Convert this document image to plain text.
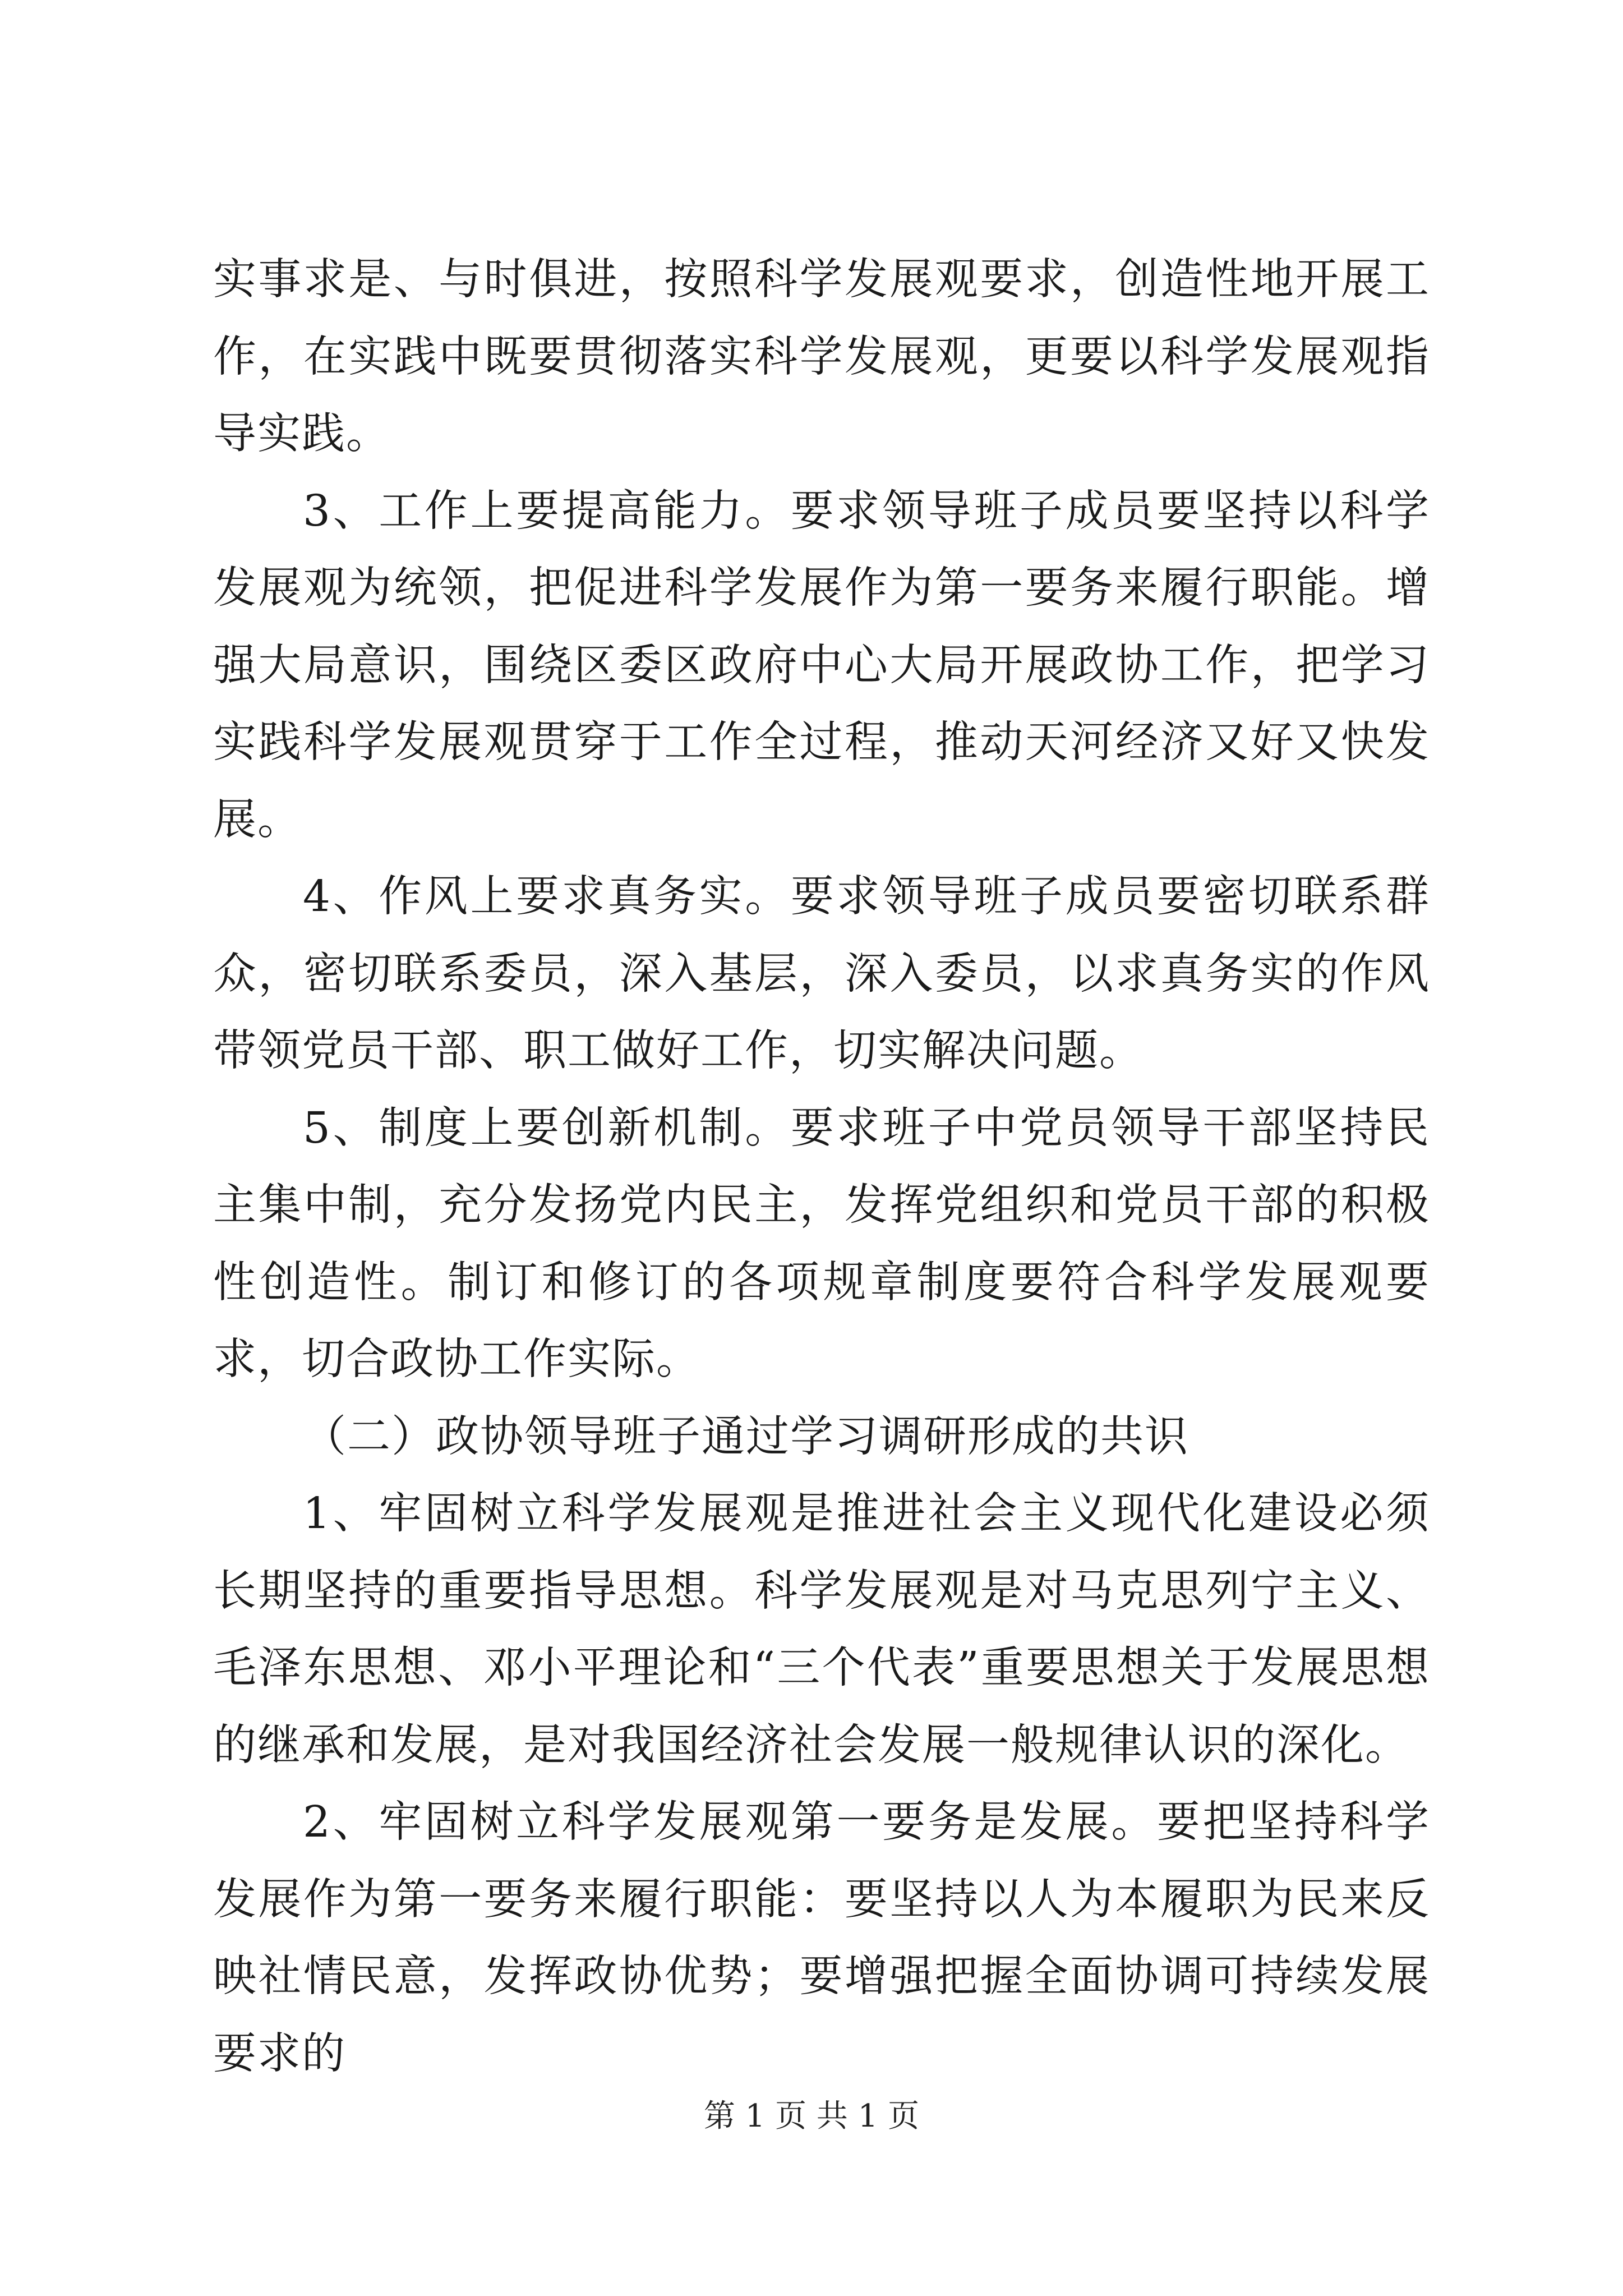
实事求是、与时俱进，按照科学发展观要求，创造性地开展工作，在实践中既要贯彻落实科学发展观，更要以科学发展观指导实践。

3、工作上要提高能力。要求领导班子成员要坚持以科学发展观为统领，把促进科学发展作为第一要务来履行职能。增强大局意识，围绕区委区政府中心大局开展政协工作，把学习实践科学发展观贯穿于工作全过程，推动天河经济又好又快发展。

4、作风上要求真务实。要求领导班子成员要密切联系群众，密切联系委员，深入基层，深入委员，以求真务实的作风带领党员干部、职工做好工作，切实解决问题。

5、制度上要创新机制。要求班子中党员领导干部坚持民主集中制，充分发扬党内民主，发挥党组织和党员干部的积极性创造性。制订和修订的各项规章制度要符合科学发展观要求，切合政协工作实际。

（二）政协领导班子通过学习调研形成的共识

1、牢固树立科学发展观是推进社会主义现代化建设必须长期坚持的重要指导思想。科学发展观是对马克思列宁主义、毛泽东思想、邓小平理论和“三个代表”重要思想关于发展思想的继承和发展，是对我国经济社会发展一般规律认识的深化。

2、牢固树立科学发展观第一要务是发展。要把坚持科学发展作为第一要务来履行职能：要坚持以人为本履职为民来反映社情民意，发挥政协优势；要增强把握全面协调可持续发展要求的

第 1 页 共 1 页
